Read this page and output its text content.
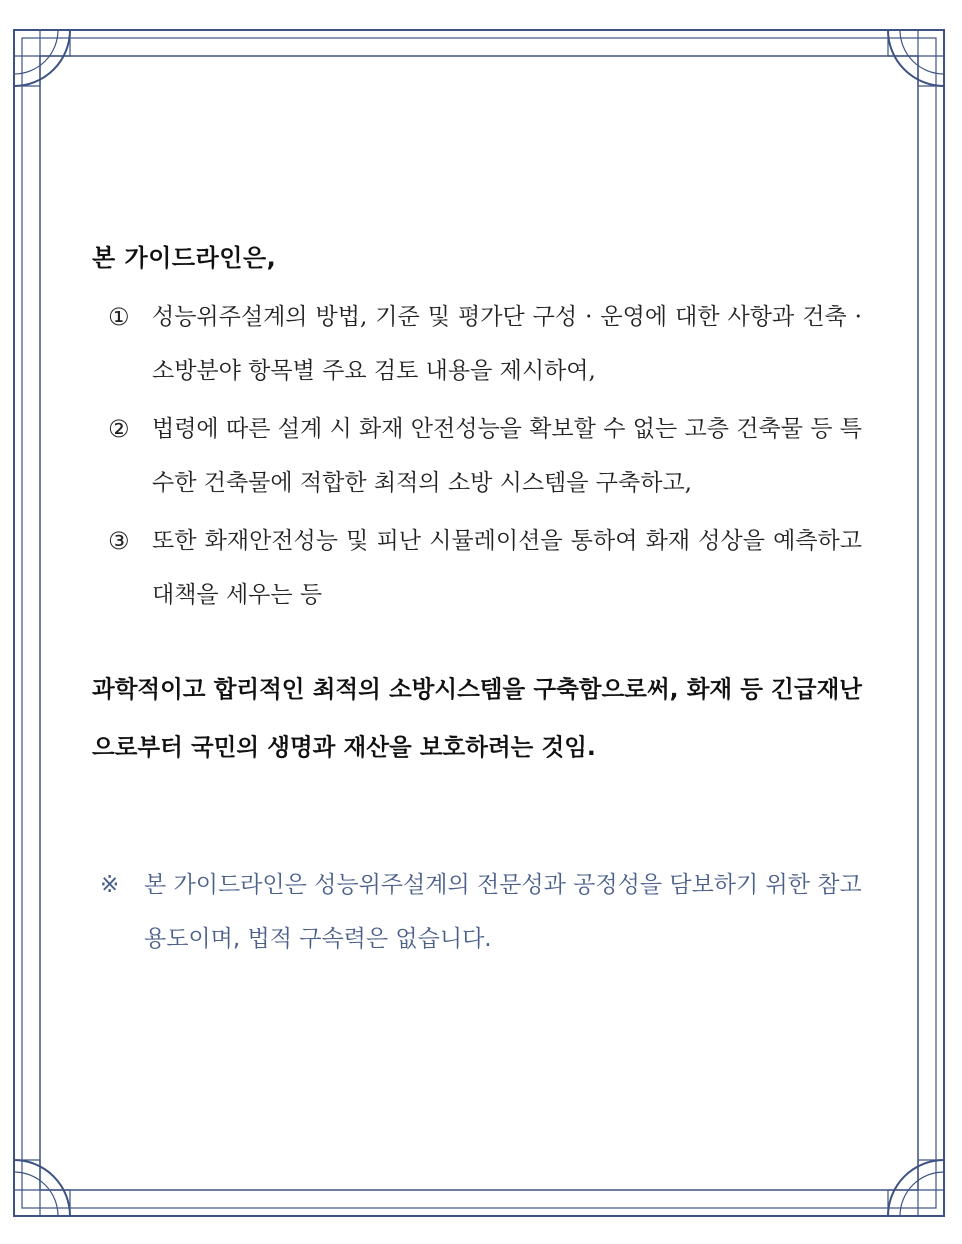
본 가이드라인은,
① 성능위주설계의 방법, 기준 및 평가단 구성 · 운영에 대한 사항과 건축 · 소방분야 항목별 주요 검토 내용을 제시하여,
② 법령에 따른 설계 시 화재 안전성능을 확보할 수 없는 고층 건축물 등 특수한 건축물에 적합한 최적의 소방 시스템을 구축하고,
③ 또한 화재안전성능 및 피난 시뮬레이션을 통하여 화재 성상을 예측하고 대책을 세우는 등
과학적이고 합리적인 최적의 소방시스템을 구축함으로써, 화재 등 긴급재난으로부터 국민의 생명과 재산을 보호하려는 것임.
※ 본 가이드라인은 성능위주설계의 전문성과 공정성을 담보하기 위한 참고 용도이며, 법적 구속력은 없습니다.
